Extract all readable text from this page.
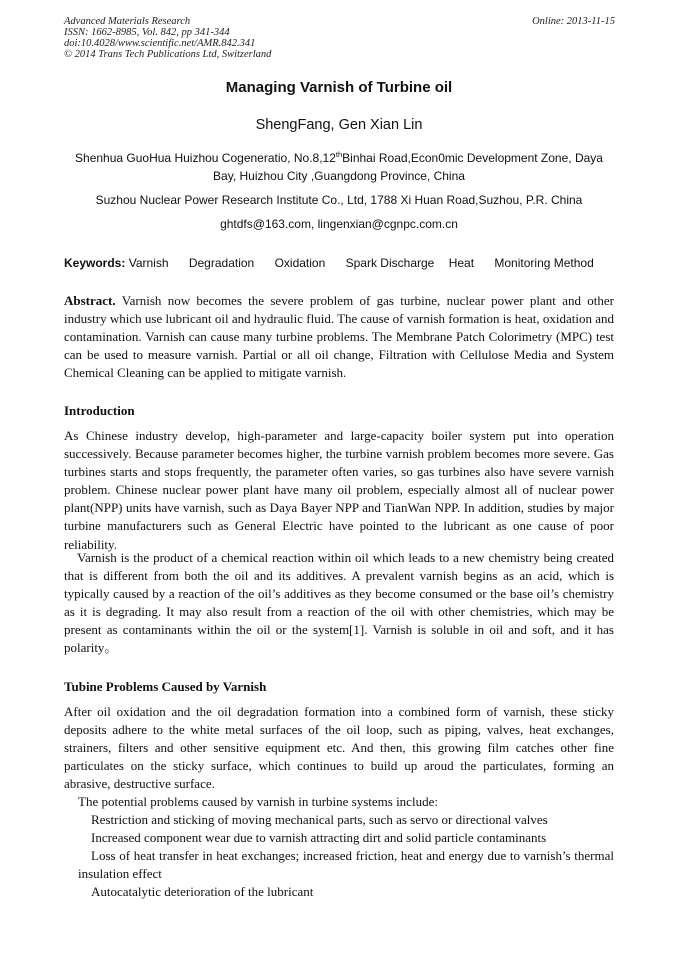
Advanced Materials Research
ISSN: 1662-8985, Vol. 842, pp 341-344
doi:10.4028/www.scientific.net/AMR.842.341
© 2014 Trans Tech Publications Ltd, Switzerland
Online: 2013-11-15
Managing Varnish of Turbine oil
ShengFang, Gen Xian Lin
Shenhua GuoHua Huizhou Cogeneratio, No.8,12thBinhai Road,Econ0mic Development Zone, Daya Bay, Huizhou City ,Guangdong Province, China
Suzhou Nuclear Power Research Institute Co., Ltd, 1788 Xi Huan Road,Suzhou, P.R. China
ghtdfs@163.com, lingenxian@cgnpc.com.cn
Keywords: Varnish Degradation Oxidation Spark Discharge Heat Monitoring Method
Abstract. Varnish now becomes the severe problem of gas turbine, nuclear power plant and other industry which use lubricant oil and hydraulic fluid. The cause of varnish formation is heat, oxidation and contamination. Varnish can cause many turbine problems. The Membrane Patch Colorimetry (MPC) test can be used to measure varnish. Partial or all oil change, Filtration with Cellulose Media and System Chemical Cleaning can be applied to mitigate varnish.
Introduction
As Chinese industry develop, high-parameter and large-capacity boiler system put into operation successively. Because parameter becomes higher, the turbine varnish problem becomes more severe. Gas turbines starts and stops frequently, the parameter often varies, so gas turbines also have severe varnish problem. Chinese nuclear power plant have many oil problem, especially almost all of nuclear power plant(NPP) units have varnish, such as Daya Bayer NPP and TianWan NPP. In addition, studies by major turbine manufacturers such as General Electric have pointed to the lubricant as one cause of poor reliability.
Varnish is the product of a chemical reaction within oil which leads to a new chemistry being created that is different from both the oil and its additives. A prevalent varnish begins as an acid, which is typically caused by a reaction of the oil’s additives as they become consumed or the base oil’s chemistry as it is degrading. It may also result from a reaction of the oil with other chemistries, which may be present as contaminants within the oil or the system[1]. Varnish is soluble in oil and soft, and it has polarity。
Tubine Problems Caused by Varnish
After oil oxidation and the oil degradation formation into a combined form of varnish, these sticky deposits adhere to the white metal surfaces of the oil loop, such as piping, valves, heat exchanges, strainers, filters and other sensitive equipment etc. And then, this growing film catches other fine particulates on the sticky surface, which continues to build up aroud the particulates, forming an abrasive, destructive surface.
The potential problems caused by varnish in turbine systems include:
Restriction and sticking of moving mechanical parts, such as servo or directional valves
Increased component wear due to varnish attracting dirt and solid particle contaminants
Loss of heat transfer in heat exchanges; increased friction, heat and energy due to varnish’s thermal insulation effect
Autocatalytic deterioration of the lubricant
